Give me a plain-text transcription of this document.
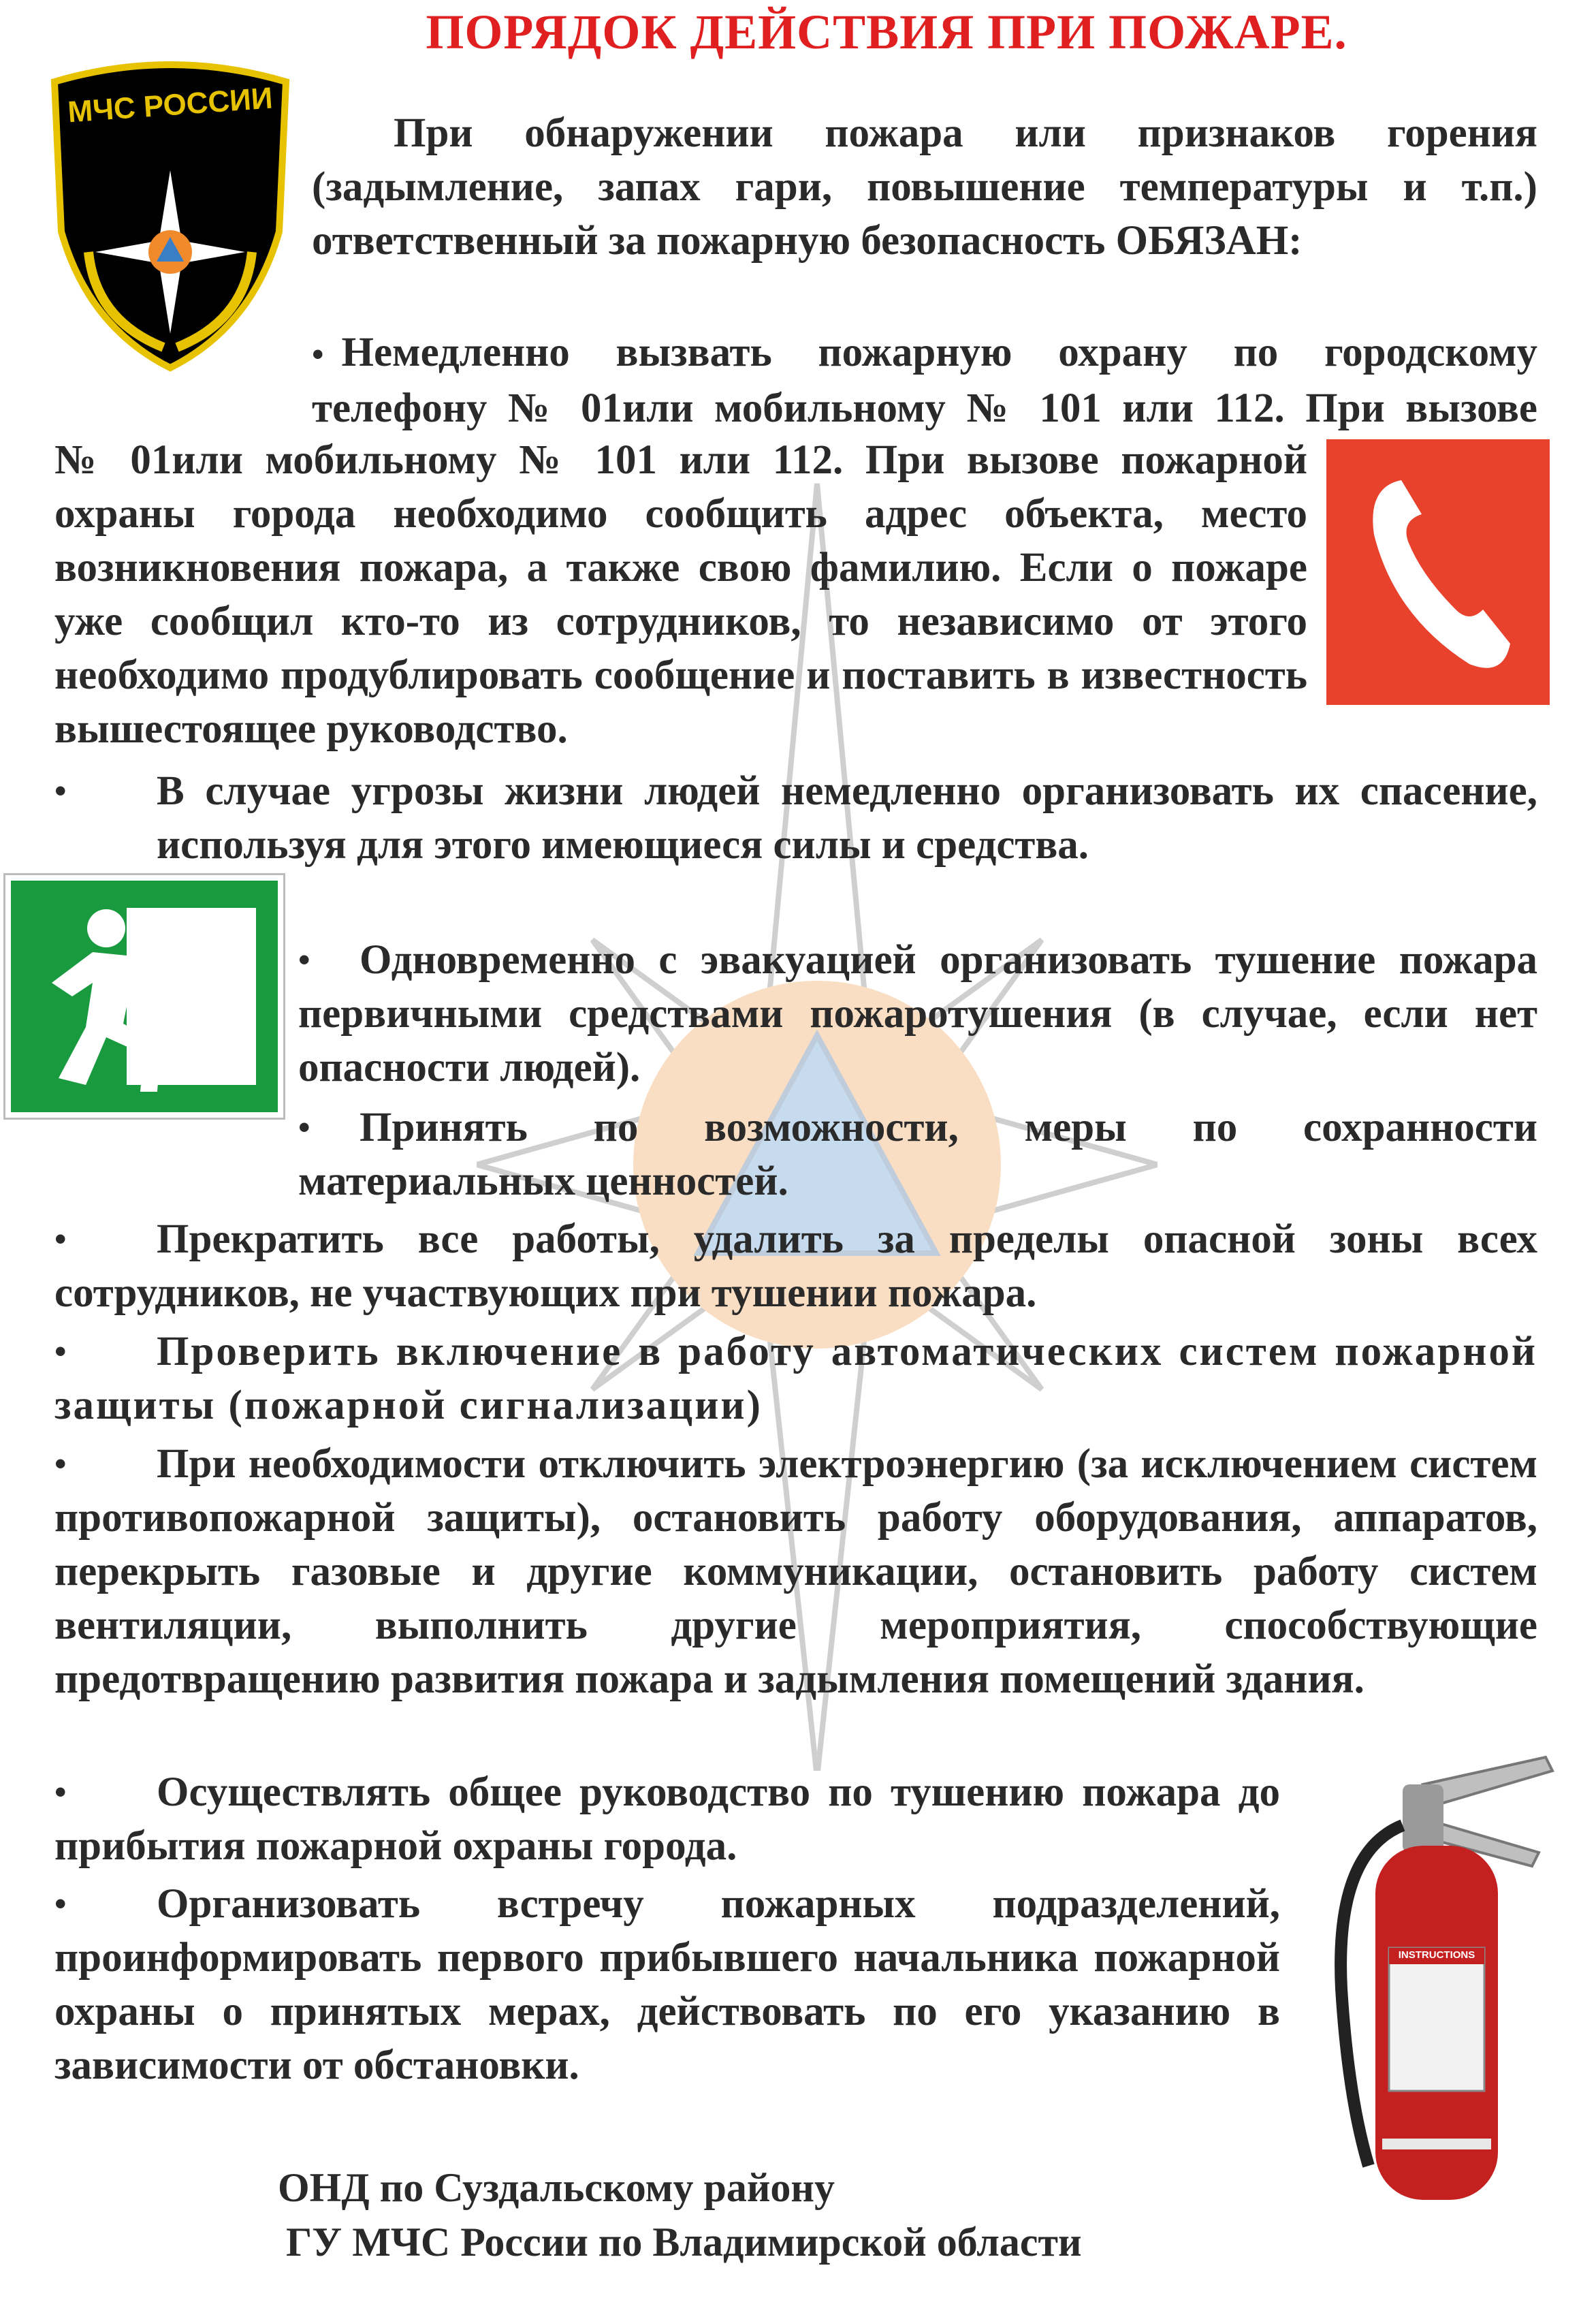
ПОРЯДОК ДЕЙСТВИЯ ПРИ ПОЖАРЕ.
МЧС РОССИИ
При обнаружении пожара или признаков горения (задымление, запах гари, повышение температуры и т.п.) ответственный за пожарную безопасность ОБЯЗАН:
• Немедленно вызвать пожарную охрану по городскому телефону № 01или мобильному № 101 или 112. При вызове
№ 01или мобильному № 101 или 112. При вызове пожарной охраны города необходимо сообщить адрес объекта, место возникновения пожара, а также свою фамилию. Если о пожаре уже сообщил кто-то из сотрудников, то независимо от этого необходимо продублировать сообщение и поставить в известность вышестоящее руководство.
• В случае угрозы жизни людей немедленно организовать их спасение, используя для этого имеющиеся силы и средства.
Одновременно с эвакуацией организовать тушение пожара первичными средствами пожаротушения (в случае, если нет опасности людей).
•
Принять по возможности, меры по сохранности материальных ценностей.
•
Прекратить все работы, удалить за пределы опасной зоны всех сотрудников, не участвующих при тушении пожара.
•
Проверить включение в работу автоматических систем пожарной защиты (пожарной сигнализации)
•
При необходимости отключить электроэнергию (за исключением систем противопожарной защиты), остановить работу оборудования, аппаратов, перекрыть газовые и другие коммуникации, остановить работу систем вентиляции, выполнить другие мероприятия, способствующие предотвращению развития пожара и задымления помещений здания.
•
Осуществлять общее руководство по тушению пожара до прибытия пожарной охраны города.
•
Организовать встречу пожарных подразделений, проинформировать первого прибывшего начальника пожарной охраны о принятых мерах, действовать по его указанию в зависимости от обстановки.
•
INSTRUCTIONS
ОНД по Суздальскому району
ГУ МЧС России по Владимирской области
